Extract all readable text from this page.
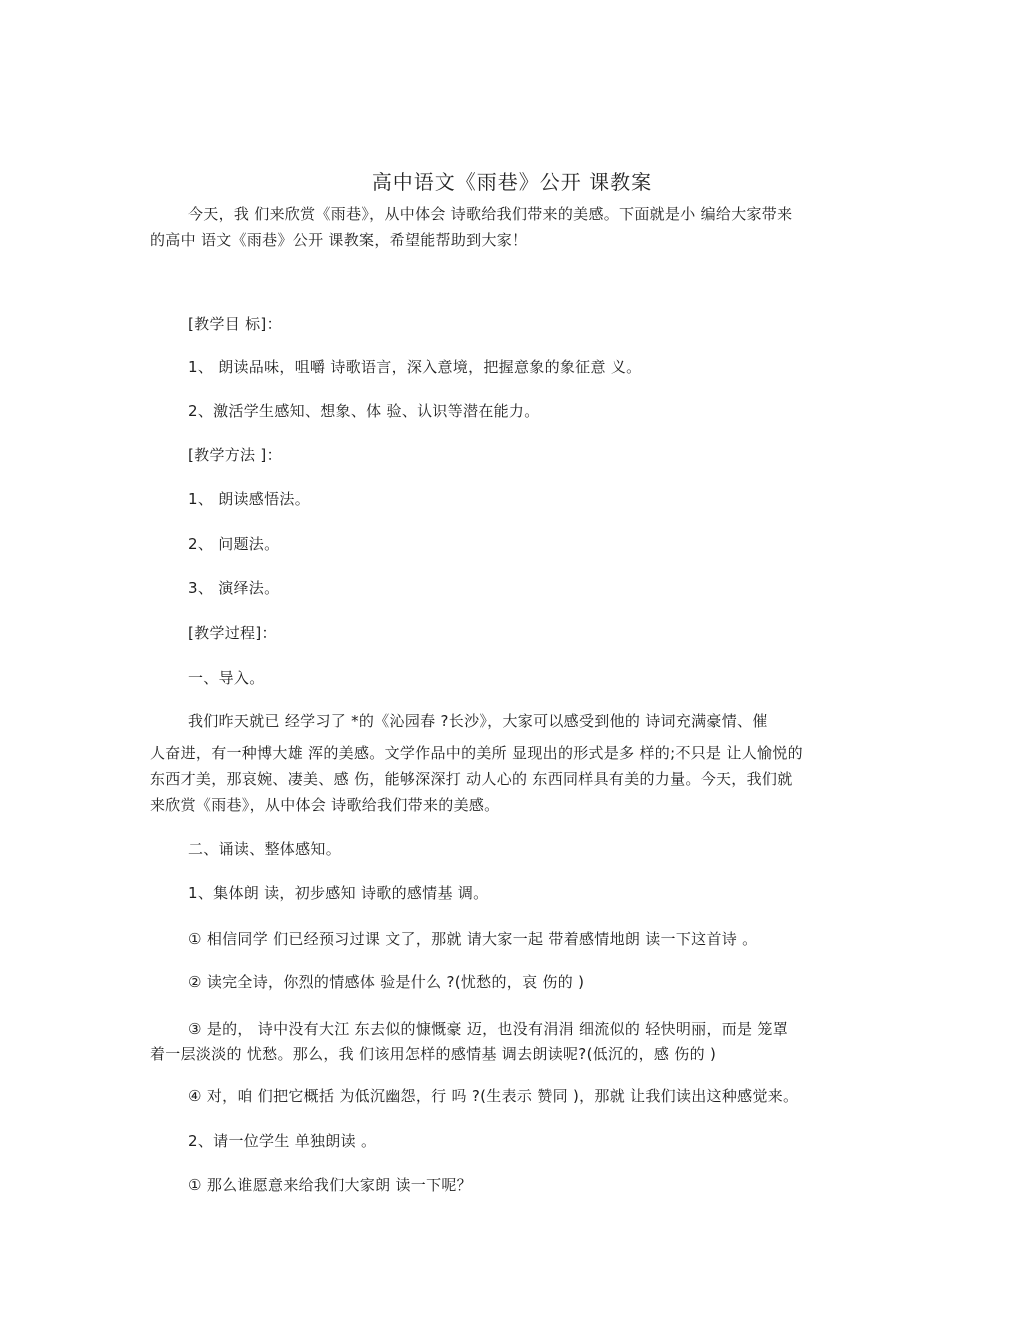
高中语文《雨巷》公开 课教案
今天，我 们来欣赏《雨巷》，从中体会 诗歌给我们带来的美感。下面就是小 编给大家带来
的高中 语文《雨巷》公开 课教案，希望能帮助到大家！
[教学目 标]：
1、 朗读品味，咀嚼 诗歌语言，深入意境，把握意象的象征意 义。
2、激活学生感知、想象、体 验、认识等潜在能力。
[教学方法 ]：
1、 朗读感悟法。
2、 问题法。
3、 演绎法。
[教学过程]：
一、导入。
我们昨天就已 经学习了 *的《沁园春 ?长沙》，大家可以感受到他的 诗词充满豪情、催
人奋进，有一种博大雄 浑的美感。文学作品中的美所 显现出的形式是多 样的;不只是 让人愉悦的
东西才美，那哀婉、凄美、感 伤，能够深深打 动人心的 东西同样具有美的力量。今天，我们就
来欣赏《雨巷》，从中体会 诗歌给我们带来的美感。
二、诵读、整体感知。
1、集体朗 读，初步感知 诗歌的感情基 调。
① 相信同学 们已经预习过课 文了，那就 请大家一起 带着感情地朗 读一下这首诗 。
② 读完全诗，你烈的情感体 验是什么 ?(忧愁的，哀 伤的 )
③ 是的， 诗中没有大江 东去似的慷慨豪 迈，也没有涓涓 细流似的 轻快明丽，而是 笼罩
着一层淡淡的 忧愁。那么，我 们该用怎样的感情基 调去朗读呢?(低沉的，感 伤的 )
④ 对，咱 们把它概括 为低沉幽怨，行 吗 ?(生表示 赞同 )，那就 让我们读出这种感觉来。
2、请一位学生 单独朗读 。
① 那么谁愿意来给我们大家朗 读一下呢？
